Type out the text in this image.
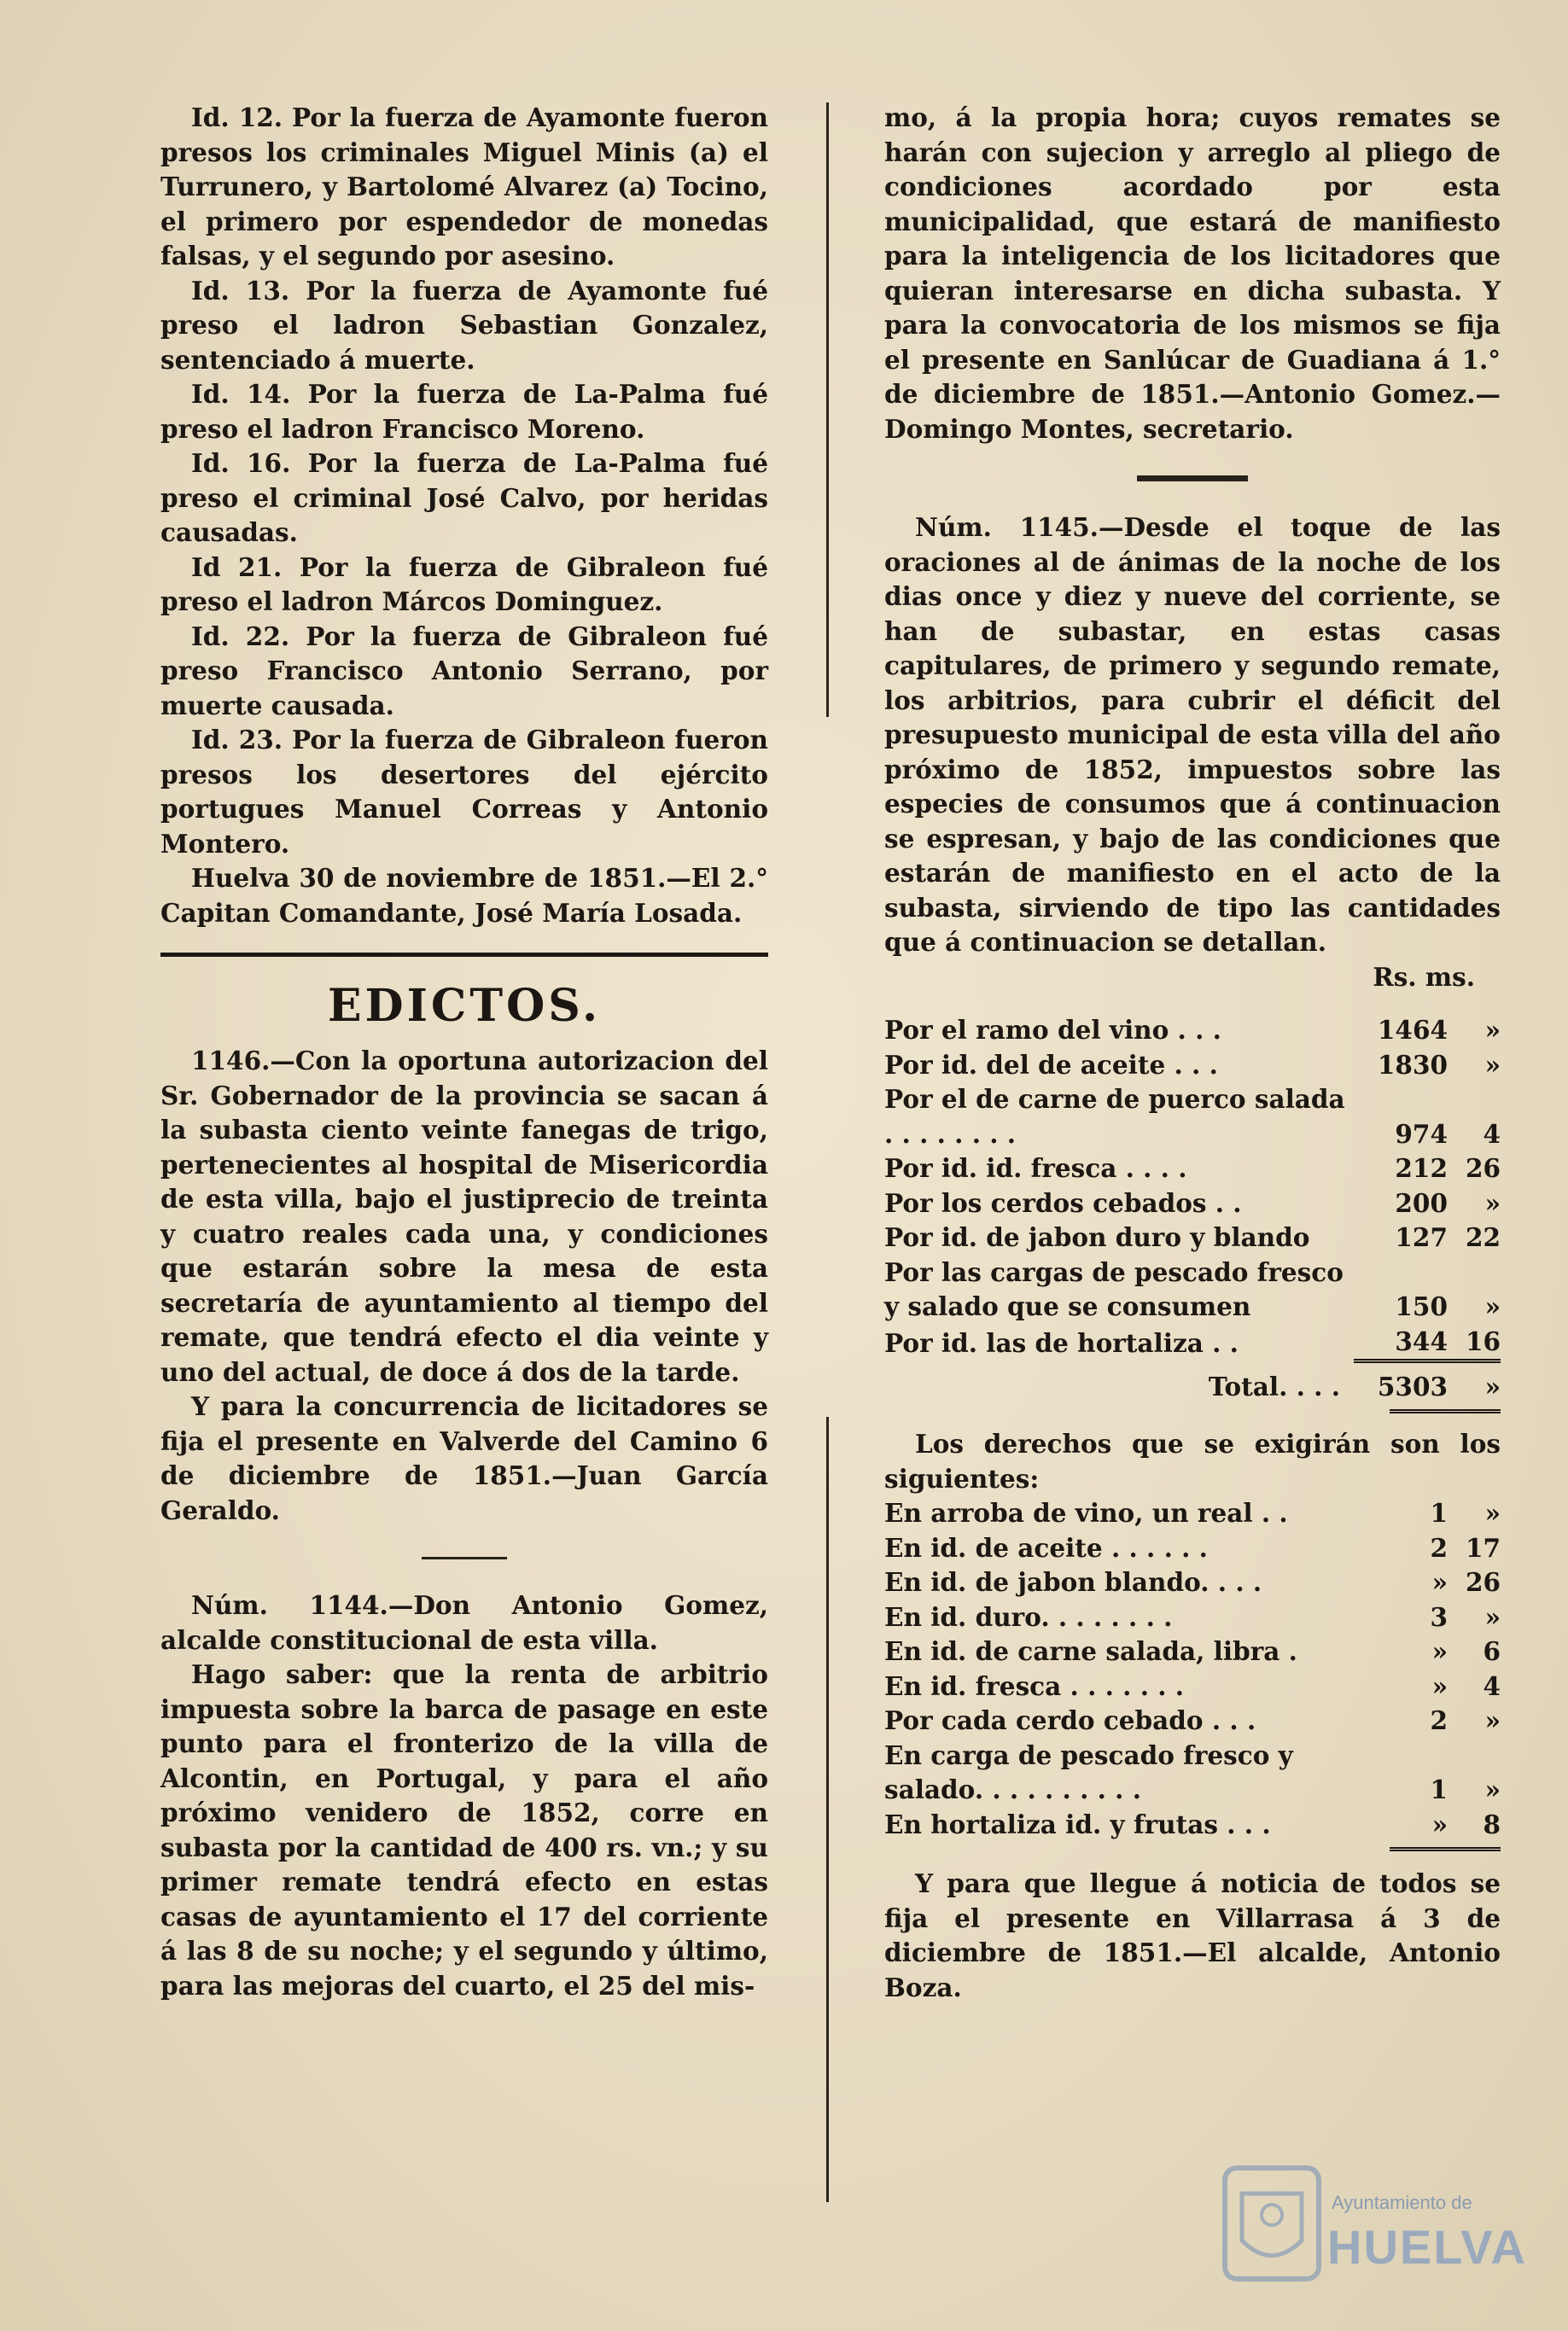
Id. 12. Por la fuerza de Ayamonte fueron presos los criminales Miguel Minis (a) el Turrunero, y Bartolomé Alvarez (a) Tocino, el primero por espendedor de monedas falsas, y el segundo por asesino.

Id. 13. Por la fuerza de Ayamonte fué preso el ladron Sebastian Gonzalez, sentenciado á muerte.

Id. 14. Por la fuerza de La-Palma fué preso el ladron Francisco Moreno.

Id. 16. Por la fuerza de La-Palma fué preso el criminal José Calvo, por heridas causadas.

Id 21. Por la fuerza de Gibraleon fué preso el ladron Márcos Dominguez.

Id. 22. Por la fuerza de Gibraleon fué preso Francisco Antonio Serrano, por muerte causada.

Id. 23. Por la fuerza de Gibraleon fueron presos los desertores del ejército portugues Manuel Correas y Antonio Montero.

Huelva 30 de noviembre de 1851.—El 2.° Capitan Comandante, José María Losada.

EDICTOS.

1146.—Con la oportuna autorizacion del Sr. Gobernador de la provincia se sacan á la subasta ciento veinte fanegas de trigo, pertenecientes al hospital de Misericordia de esta villa, bajo el justiprecio de treinta y cuatro reales cada una, y condiciones que estarán sobre la mesa de esta secretaría de ayuntamiento al tiempo del remate, que tendrá efecto el dia veinte y uno del actual, de doce á dos de la tarde.

Y para la concurrencia de licitadores se fija el presente en Valverde del Camino 6 de diciembre de 1851.—Juan García Geraldo.

Núm. 1144.—Don Antonio Gomez, alcalde constitucional de esta villa.

Hago saber: que la renta de arbitrio impuesta sobre la barca de pasage en este punto para el fronterizo de la villa de Alcontin, en Portugal, y para el año próximo venidero de 1852, corre en subasta por la cantidad de 400 rs. vn.; y su primer remate tendrá efecto en estas casas de ayuntamiento el 17 del corriente á las 8 de su noche; y el segundo y último, para las mejoras del cuarto, el 25 del mis-

mo, á la propia hora; cuyos remates se harán con sujecion y arreglo al pliego de condiciones acordado por esta municipalidad, que estará de manifiesto para la inteligencia de los licitadores que quieran interesarse en dicha subasta. Y para la convocatoria de los mismos se fija el presente en Sanlúcar de Guadiana á 1.° de diciembre de 1851.—Antonio Gomez.—Domingo Montes, secretario.

Núm. 1145.—Desde el toque de las oraciones al de ánimas de la noche de los dias once y diez y nueve del corriente, se han de subastar, en estas casas capitulares, de primero y segundo remate, los arbitrios, para cubrir el déficit del presupuesto municipal de esta villa del año próximo de 1852, impuestos sobre las especies de consumos que á continuacion se espresan, y bajo de las condiciones que estarán de manifiesto en el acto de la subasta, sirviendo de tipo las cantidades que á continuacion se detallan.

Rs. ms.
Por el ramo del vino . . .	1464	»
Por id. del de aceite . . .	1830	»
Por el de carne de puerco salada . . . . . . . .	974	4
Por id. id. fresca . . . .	212	26
Por los cerdos cebados . .	200	»
Por id. de jabon duro y blando	127	22
Por las cargas de pescado fresco y salado que se consumen	150	»
Por id. las de hortaliza . .	344	16
Total. . . .	5303	»

Los derechos que se exigirán son los siguientes:

En arroba de vino, un real . .	1	»
En id. de aceite . . . . . .	2	17
En id. de jabon blando. . . .	»	26
En id. duro. . . . . . . .	3	»
En id. de carne salada, libra .	»	6
En id. fresca . . . . . . .	»	4
Por cada cerdo cebado . . .	2	»
En carga de pescado fresco y salado. . . . . . . . . .	1	»
En hortaliza id. y frutas . . .	»	8

Y para que llegue á noticia de todos se fija el presente en Villarrasa á 3 de diciembre de 1851.—El alcalde, Antonio Boza.

Ayuntamiento de
HUELVA
